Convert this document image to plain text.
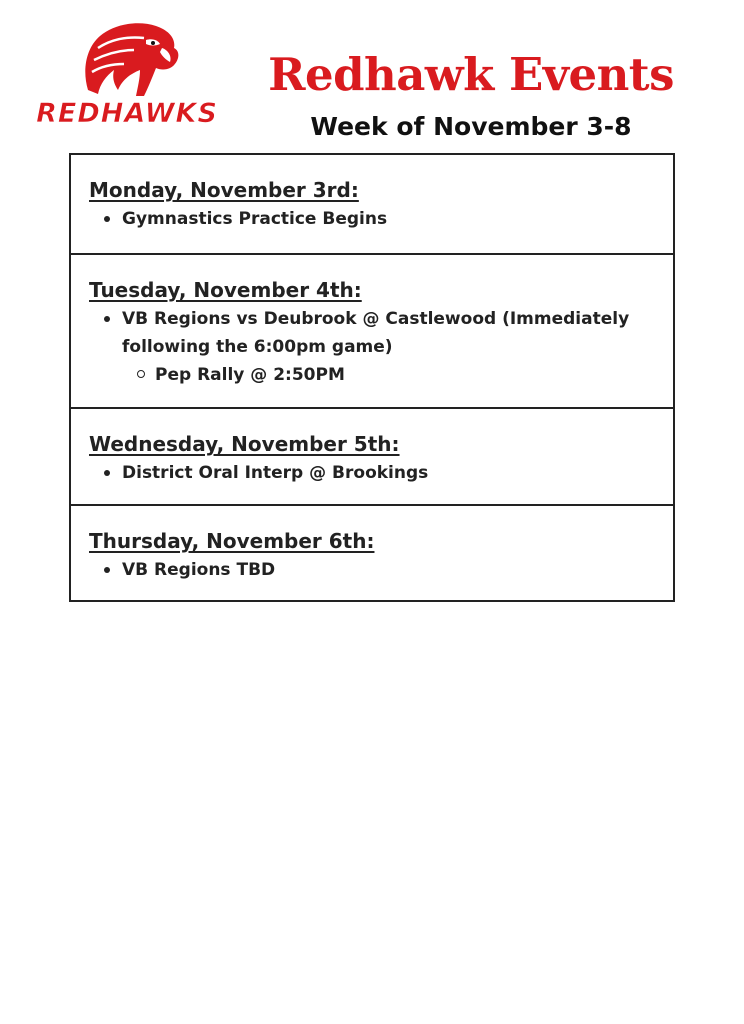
REDHAWKS
Redhawk Events
Week of November 3-8
Monday, November 3rd:
Gymnastics Practice Begins
Tuesday, November 4th:
VB Regions vs Deubrook @ Castlewood (Immediately following the 6:00pm game)
Pep Rally @ 2:50PM
Wednesday, November 5th:
District Oral Interp @ Brookings
Thursday, November 6th:
VB Regions TBD
